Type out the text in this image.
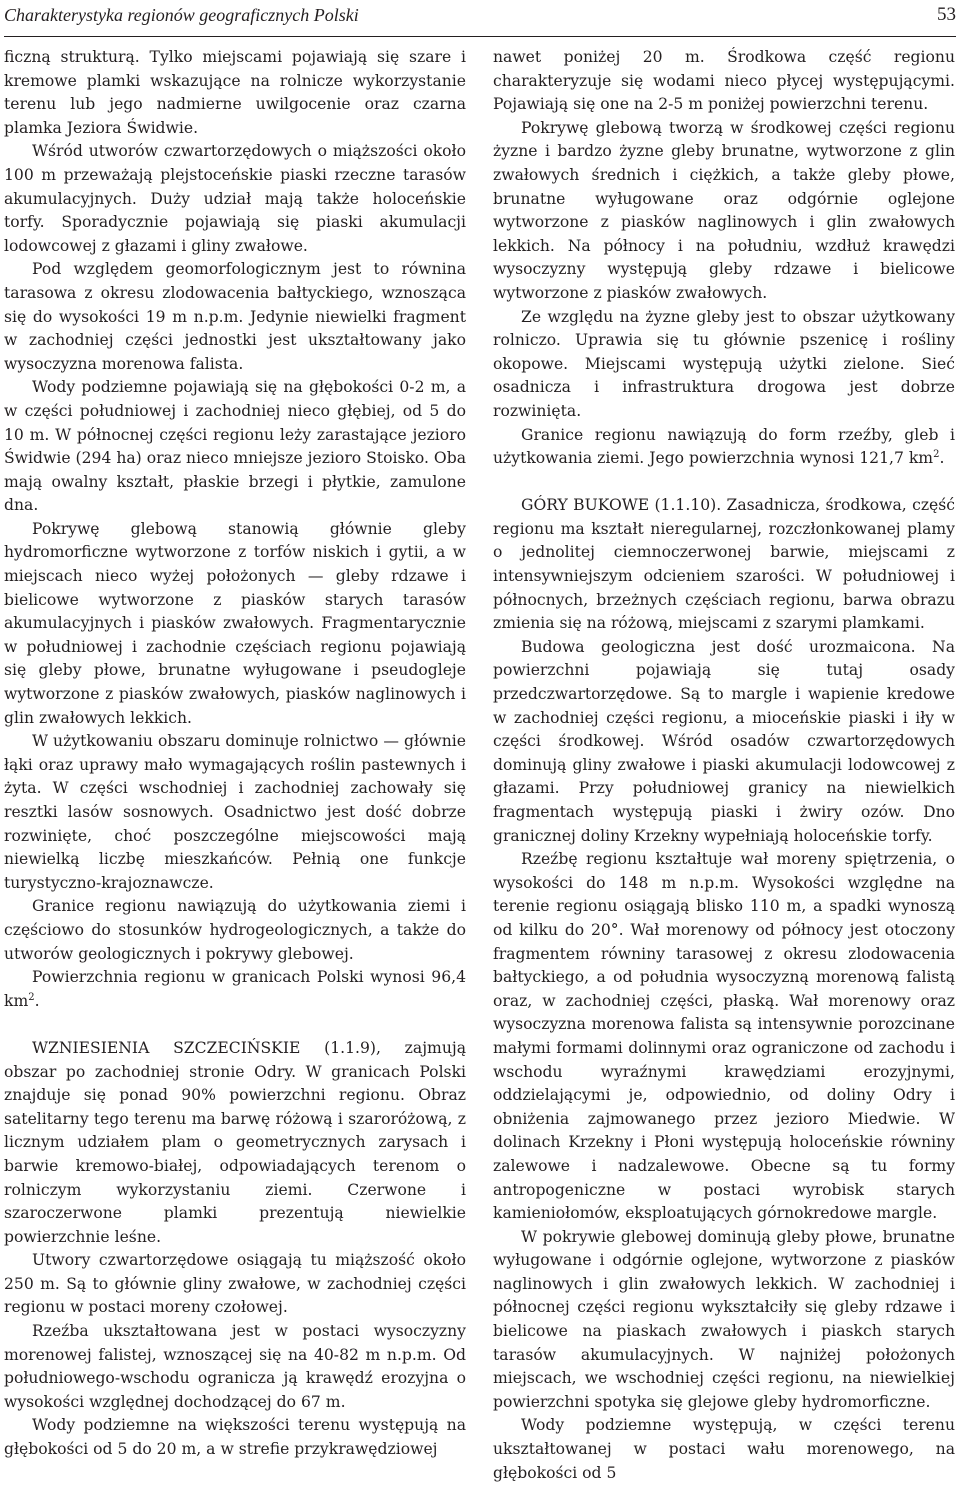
Charakterystyka regionów geograficznych Polski	53

ficzną strukturą. Tylko miejscami pojawiają się szare i kremowe plamki wskazujące na rolnicze wykorzystanie terenu lub jego nadmierne uwilgocenie oraz czarna plamka Jeziora Świdwie.

Wśród utworów czwartorzędowych o miąższości około 100 m przeważają plejstoceńskie piaski rzeczne tarasów akumulacyjnych. Duży udział mają także holoceńskie torfy. Sporadycznie pojawiają się piaski akumulacji lodowcowej z głazami i gliny zwałowe.

Pod względem geomorfologicznym jest to równina tarasowa z okresu zlodowacenia bałtyckiego, wznosząca się do wysokości 19 m n.p.m. Jedynie niewielki fragment w zachodniej części jednostki jest ukształtowany jako wysoczyzna morenowa falista.

Wody podziemne pojawiają się na głębokości 0-2 m, a w części południowej i zachodniej nieco głębiej, od 5 do 10 m. W północnej części regionu leży zarastające jezioro Świdwie (294 ha) oraz nieco mniejsze jezioro Stoisko. Oba mają owalny kształt, płaskie brzegi i płytkie, zamulone dna.

Pokrywę glebową stanowią głównie gleby hydromorficzne wytworzone z torfów niskich i gytii, a w miejscach nieco wyżej położonych — gleby rdzawe i bielicowe wytworzone z piasków starych tarasów akumulacyjnych i piasków zwałowych. Fragmentarycznie w południowej i zachodnie częściach regionu pojawiają się gleby płowe, brunatne wyługowane i pseudogleje wytworzone z piasków zwałowych, piasków naglinowych i glin zwałowych lekkich.

W użytkowaniu obszaru dominuje rolnictwo — głównie łąki oraz uprawy mało wymagających roślin pastewnych i żyta. W części wschodniej i zachodniej zachowały się resztki lasów sosnowych. Osadnictwo jest dość dobrze rozwinięte, choć poszczególne miejscowości mają niewielką liczbę mieszkańców. Pełnią one funkcje turystyczno-krajoznawcze.

Granice regionu nawiązują do użytkowania ziemi i częściowo do stosunków hydrogeologicznych, a także do utworów geologicznych i pokrywy glebowej.

Powierzchnia regionu w granicach Polski wynosi 96,4 $km^2$.

WZNIESIENIA SZCZECIŃSKIE (1.1.9), zajmują obszar po zachodniej stronie Odry. W granicach Polski znajduje się ponad 90% powierzchni regionu. Obraz satelitarny tego terenu ma barwę różową i szaroróżową, z licznym udziałem plam o geometrycznych zarysach i barwie kremowo-białej, odpowiadających terenom o rolniczym wykorzystaniu ziemi. Czerwone i szaroczerwone plamki prezentują niewielkie powierzchnie leśne.

Utwory czwartorzędowe osiągają tu miąższość około 250 m. Są to głównie gliny zwałowe, w zachodniej części regionu w postaci moreny czołowej.

Rzeźba ukształtowana jest w postaci wysoczyzny morenowej falistej, wznoszącej się na 40-82 m n.p.m. Od południowego-wschodu ogranicza ją krawędź erozyjna o wysokości względnej dochodzącej do 67 m.

Wody podziemne na większości terenu występują na głębokości od 5 do 20 m, a w strefie przykrawędziowej

nawet poniżej 20 m. Środkowa część regionu charakteryzuje się wodami nieco płycej występującymi. Pojawiają się one na 2-5 m poniżej powierzchni terenu.

Pokrywę glebową tworzą w środkowej części regionu żyzne i bardzo żyzne gleby brunatne, wytworzone z glin zwałowych średnich i ciężkich, a także gleby płowe, brunatne wyługowane oraz odgórnie oglejone wytworzone z piasków naglinowych i glin zwałowych lekkich. Na północy i na południu, wzdłuż krawędzi wysoczyzny występują gleby rdzawe i bielicowe wytworzone z piasków zwałowych.

Ze względu na żyzne gleby jest to obszar użytkowany rolniczo. Uprawia się tu głównie pszenicę i rośliny okopowe. Miejscami występują użytki zielone. Sieć osadnicza i infrastruktura drogowa jest dobrze rozwinięta.

Granice regionu nawiązują do form rzeźby, gleb i użytkowania ziemi. Jego powierzchnia wynosi 121,7 $km^2$.

GÓRY BUKOWE (1.1.10). Zasadnicza, środkowa, część regionu ma kształt nieregularnej, rozczłonkowanej plamy o jednolitej ciemnoczerwonej barwie, miejscami z intensywniejszym odcieniem szarości. W południowej i północnych, brzeżnych częściach regionu, barwa obrazu zmienia się na różową, miejscami z szarymi plamkami.

Budowa geologiczna jest dość urozmaicona. Na powierzchni pojawiają się tutaj osady przedczwartorzędowe. Są to margle i wapienie kredowe w zachodniej części regionu, a mioceńskie piaski i iły w części środkowej. Wśród osadów czwartorzędowych dominują gliny zwałowe i piaski akumulacji lodowcowej z głazami. Przy południowej granicy na niewielkich fragmentach występują piaski i żwiry ozów. Dno granicznej doliny Krzekny wypełniają holoceńskie torfy.

Rzeźbę regionu kształtuje wał moreny spiętrzenia, o wysokości do 148 m n.p.m. Wysokości względne na terenie regionu osiągają blisko 110 m, a spadki wynoszą od kilku do 20°. Wał morenowy od północy jest otoczony fragmentem równiny tarasowej z okresu zlodowacenia bałtyckiego, a od południa wysoczyzną morenową falistą oraz, w zachodniej części, płaską. Wał morenowy oraz wysoczyzna morenowa falista są intensywnie porozcinane małymi formami dolinnymi oraz ograniczone od zachodu i wschodu wyraźnymi krawędziami erozyjnymi, oddzielającymi je, odpowiednio, od doliny Odry i obniżenia zajmowanego przez jezioro Miedwie. W dolinach Krzekny i Płoni występują holoceńskie równiny zalewowe i nadzalewowe. Obecne są tu formy antropogeniczne w postaci wyrobisk starych kamieniołomów, eksploatujących górnokredowe margle.

W pokrywie glebowej dominują gleby płowe, brunatne wyługowane i odgórnie oglejone, wytworzone z piasków naglinowych i glin zwałowych lekkich. W zachodniej i północnej części regionu wykształciły się gleby rdzawe i bielicowe na piaskach zwałowych i piaskch starych tarasów akumulacyjnych. W najniżej położonych miejscach, we wschodniej części regionu, na niewielkiej powierzchni spotyka się glejowe gleby hydromorficzne.

Wody podziemne występują, w części terenu ukształtowanej w postaci wału morenowego, na głębokości od 5
